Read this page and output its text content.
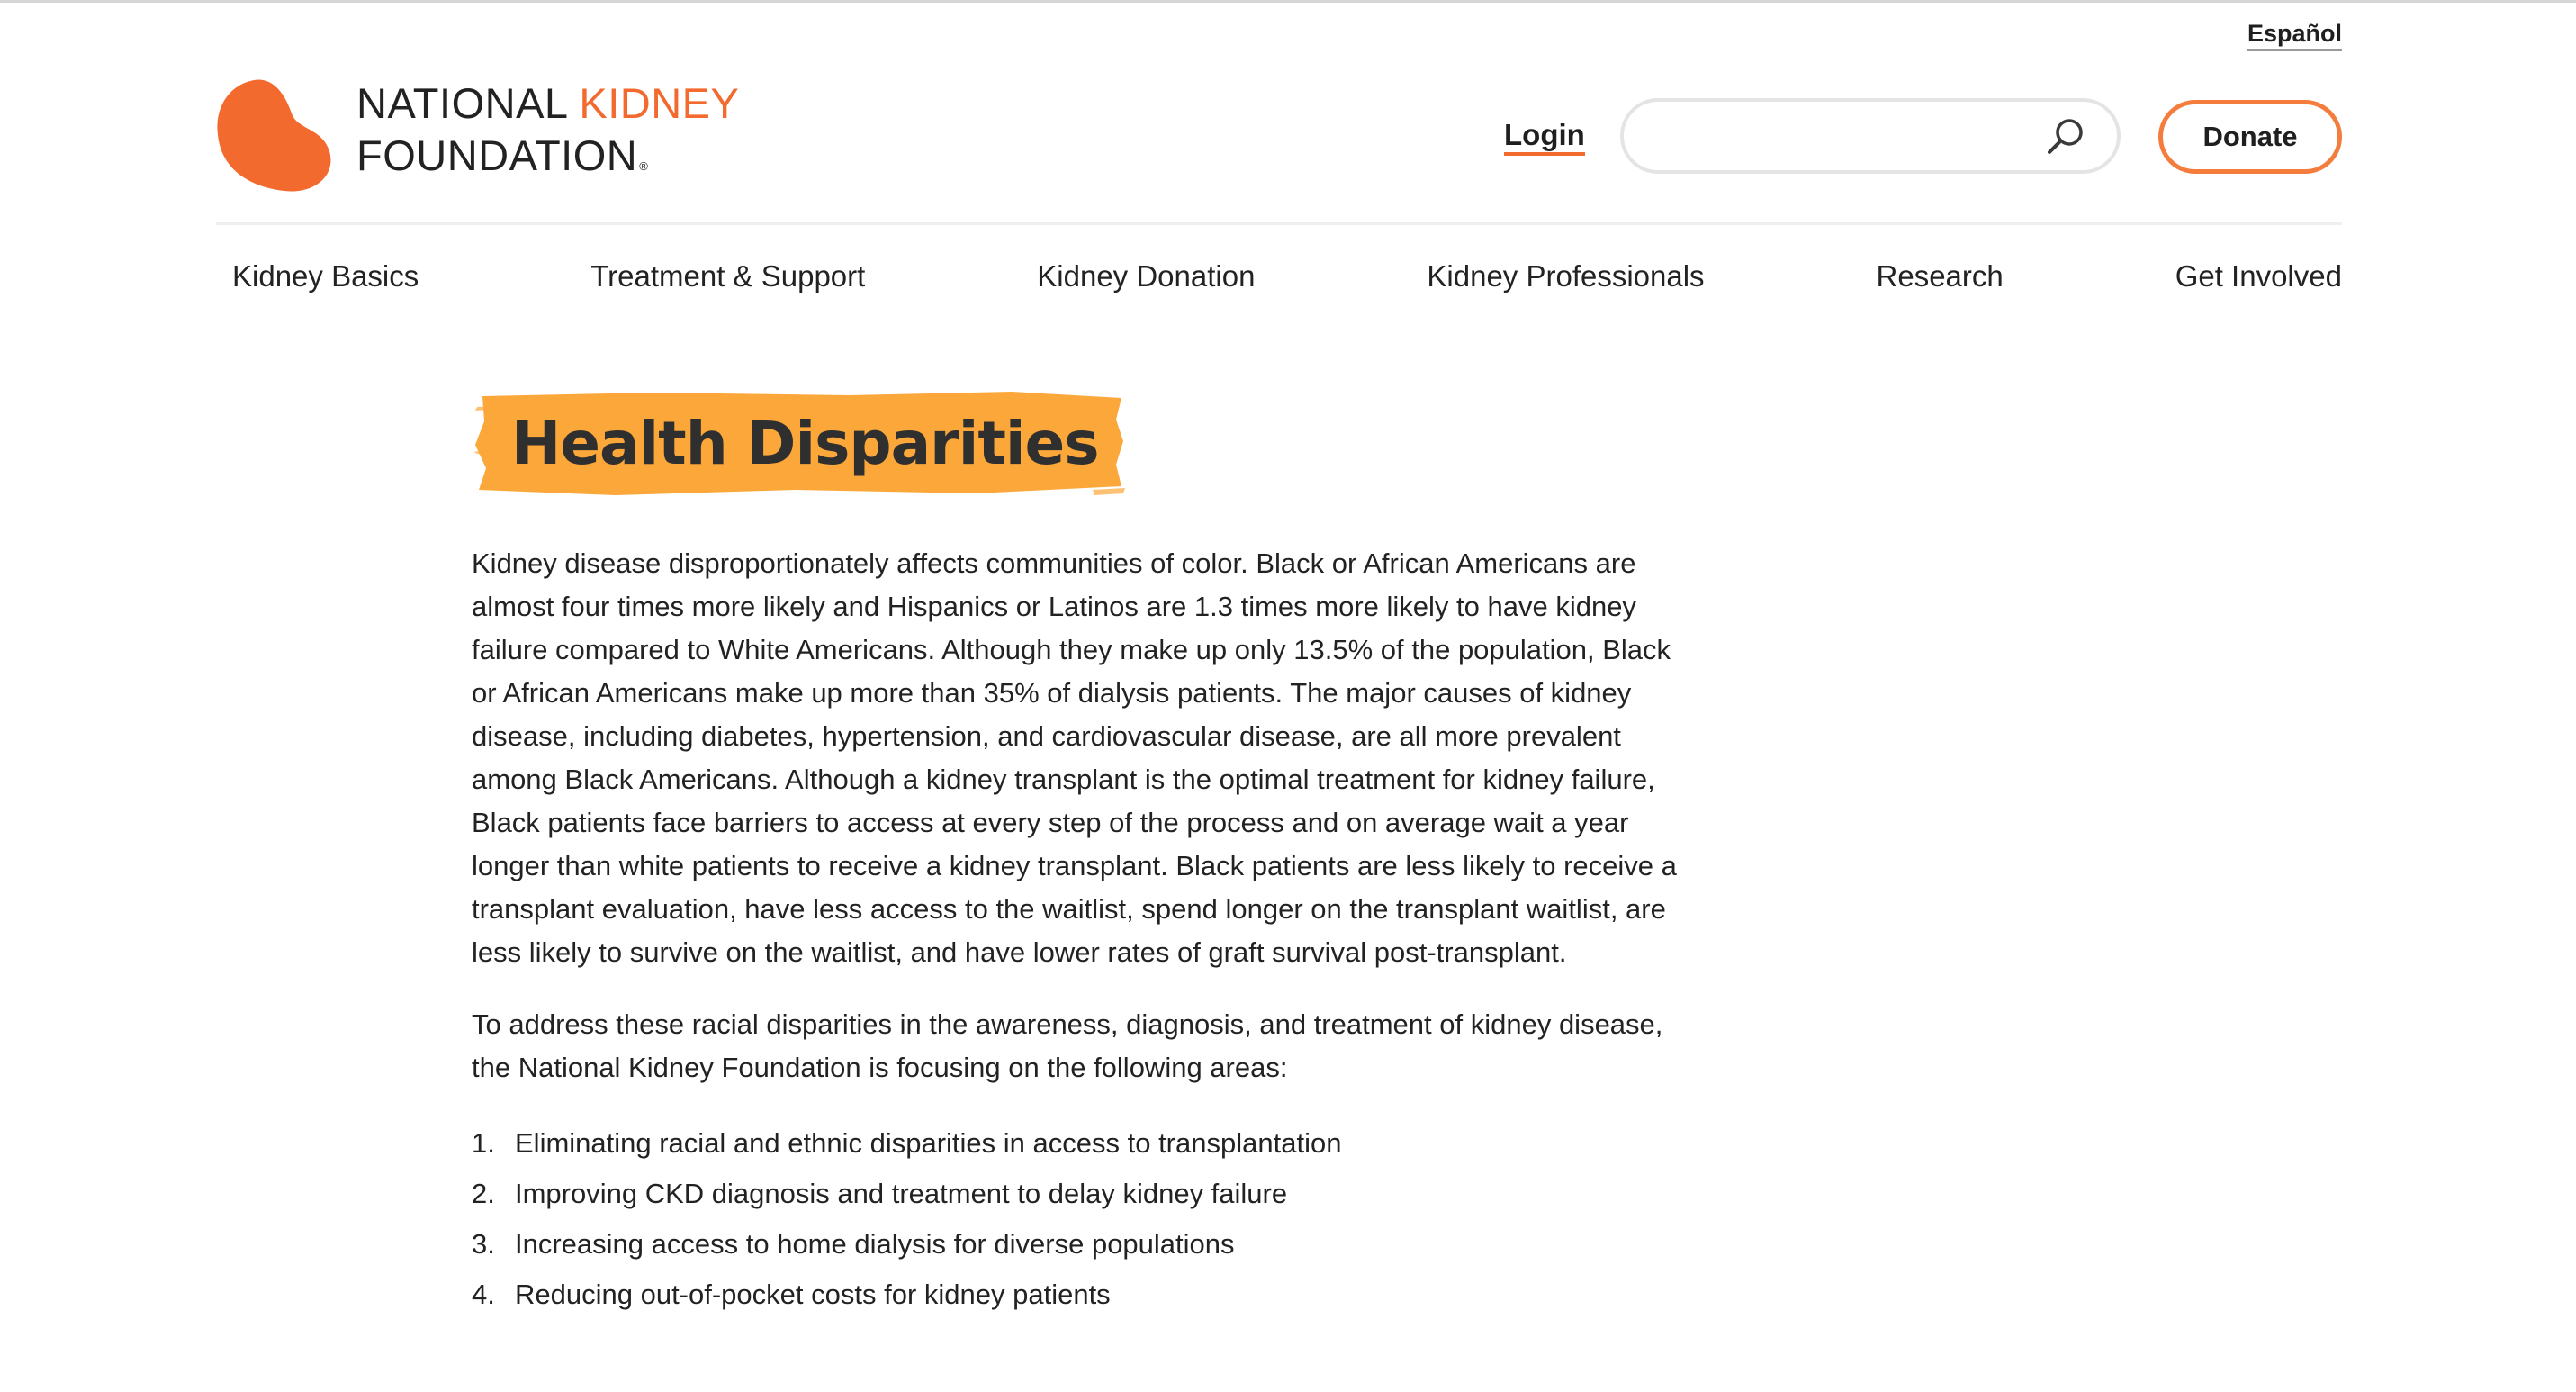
Español
NATIONAL KIDNEY
FOUNDATION ®
Login	Donate
Kidney Basics	Treatment & Support	Kidney Donation	Kidney Professionals	Research	Get Involved
Health Disparities

Kidney disease disproportionately affects communities of color. Black or African Americans are almost four times more likely and Hispanics or Latinos are 1.3 times more likely to have kidney failure compared to White Americans. Although they make up only 13.5% of the population, Black or African Americans make up more than 35% of dialysis patients. The major causes of kidney disease, including diabetes, hypertension, and cardiovascular disease, are all more prevalent among Black Americans. Although a kidney transplant is the optimal treatment for kidney failure, Black patients face barriers to access at every step of the process and on average wait a year longer than white patients to receive a kidney transplant. Black patients are less likely to receive a transplant evaluation, have less access to the waitlist, spend longer on the transplant waitlist, are less likely to survive on the waitlist, and have lower rates of graft survival post-transplant.

To address these racial disparities in the awareness, diagnosis, and treatment of kidney disease, the National Kidney Foundation is focusing on the following areas:

1. Eliminating racial and ethnic disparities in access to transplantation
2. Improving CKD diagnosis and treatment to delay kidney failure
3. Increasing access to home dialysis for diverse populations
4. Reducing out-of-pocket costs for kidney patients
